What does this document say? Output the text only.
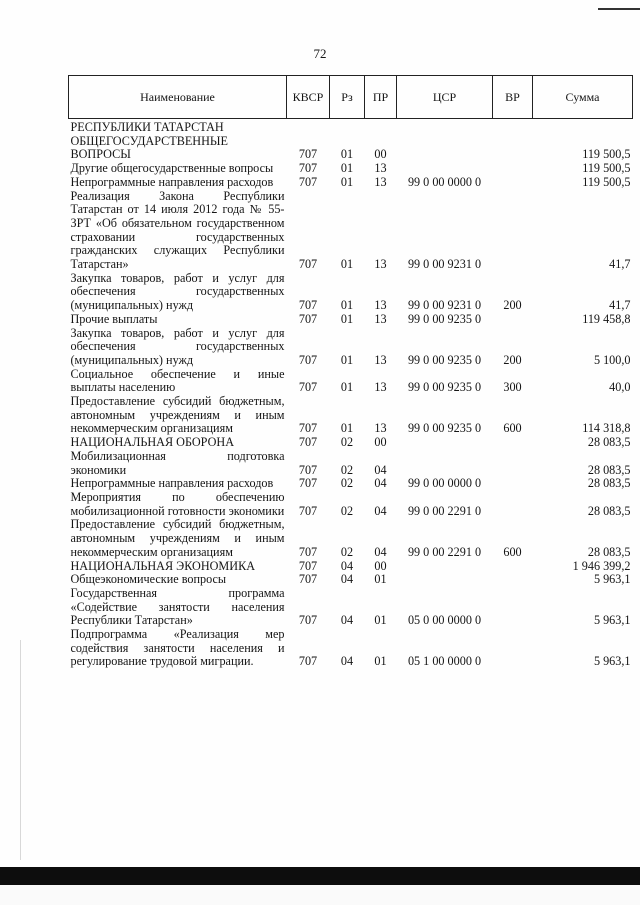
72
Наименование	КВСР	Рз	ПР	ЦСР	ВР	Сумма
РЕСПУБЛИКИ ТАТАРСТАН						
ОБЩЕГОСУДАРСТВЕННЫЕ ВОПРОСЫ	707	01	00			119 500,5
Другие общегосударственные вопросы	707	01	13			119 500,5
Непрограммные направления расходов	707	01	13	99 0 00 0000 0		119 500,5
Реализация Закона Республики Татарстан от 14 июля 2012 года № 55-ЗРТ «Об обязательном государственном страховании государственных гражданских служащих Республики Татарстан»	707	01	13	99 0 00 9231 0		41,7
Закупка товаров, работ и услуг для обеспечения государственных (муниципальных) нужд	707	01	13	99 0 00 9231 0	200	41,7
Прочие выплаты	707	01	13	99 0 00 9235 0		119 458,8
Закупка товаров, работ и услуг для обеспечения государственных (муниципальных) нужд	707	01	13	99 0 00 9235 0	200	5 100,0
Социальное обеспечение и иные выплаты населению	707	01	13	99 0 00 9235 0	300	40,0
Предоставление субсидий бюджетным, автономным учреждениям и иным некоммерческим организациям	707	01	13	99 0 00 9235 0	600	114 318,8
НАЦИОНАЛЬНАЯ ОБОРОНА	707	02	00			28 083,5
Мобилизационная подготовка экономики	707	02	04			28 083,5
Непрограммные направления расходов	707	02	04	99 0 00 0000 0		28 083,5
Мероприятия по обеспечению мобилизационной готовности экономики	707	02	04	99 0 00 2291 0		28 083,5
Предоставление субсидий бюджетным, автономным учреждениям и иным некоммерческим организациям	707	02	04	99 0 00 2291 0	600	28 083,5
НАЦИОНАЛЬНАЯ ЭКОНОМИКА	707	04	00			1 946 399,2
Общеэкономические вопросы	707	04	01			5 963,1
Государственная программа «Содействие занятости населения Республики Татарстан»	707	04	01	05 0 00 0000 0		5 963,1
Подпрограмма «Реализация мер содействия занятости населения и регулирование трудовой миграции.	707	04	01	05 1 00 0000 0		5 963,1
